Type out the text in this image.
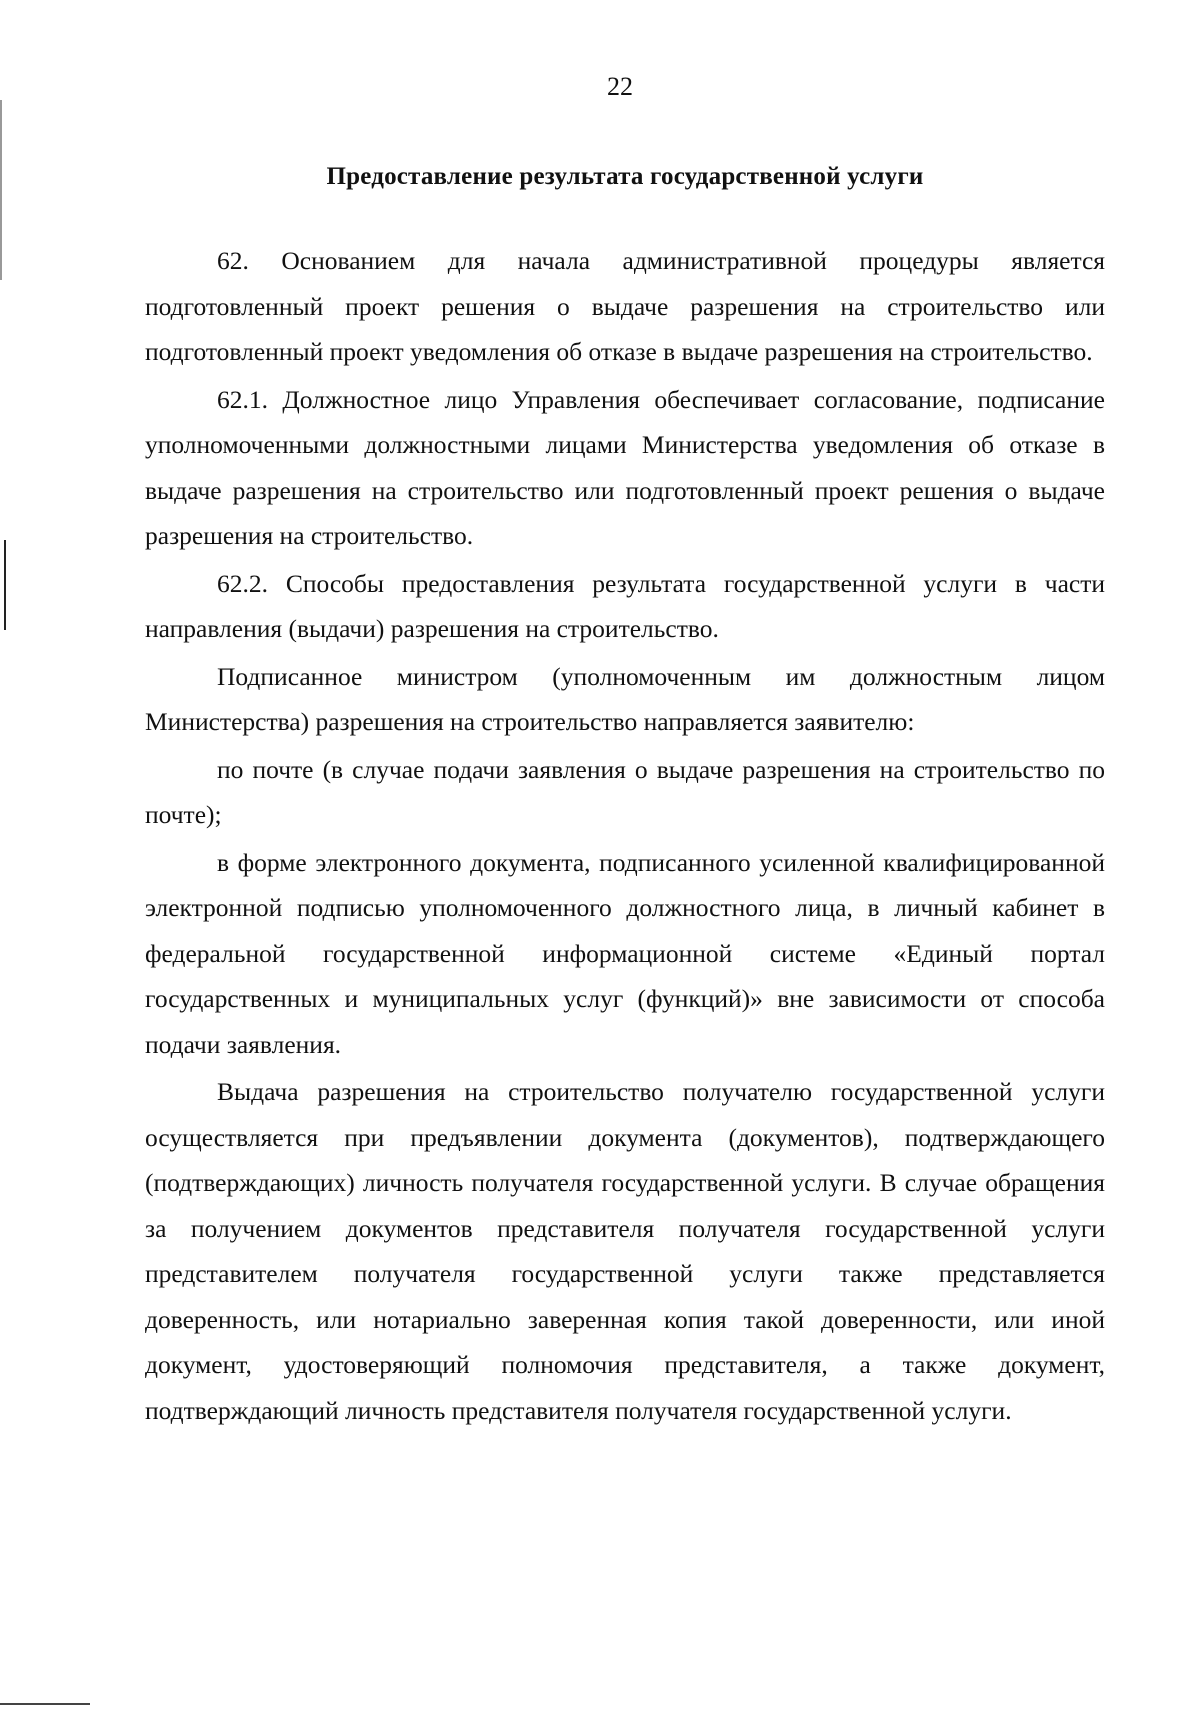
22
Предоставление результата государственной услуги

62. Основанием для начала административной процедуры является подготовленный проект решения о выдаче разрешения на строительство или подготовленный проект уведомления об отказе в выдаче разрешения на строительство.

62.1. Должностное лицо Управления обеспечивает согласование, подписание уполномоченными должностными лицами Министерства уведомления об отказе в выдаче разрешения на строительство или подготовленный проект решения о выдаче разрешения на строительство.

62.2. Способы предоставления результата государственной услуги в части направления (выдачи) разрешения на строительство.

Подписанное министром (уполномоченным им должностным лицом Министерства) разрешения на строительство направляется заявителю:

по почте (в случае подачи заявления о выдаче разрешения на строительство по почте);

в форме электронного документа, подписанного усиленной квалифицированной электронной подписью уполномоченного должностного лица, в личный кабинет в федеральной государственной информационной системе «Единый портал государственных и муниципальных услуг (функций)» вне зависимости от способа подачи заявления.

Выдача разрешения на строительство получателю государственной услуги осуществляется при предъявлении документа (документов), подтверждающего (подтверждающих) личность получателя государственной услуги. В случае обращения за получением документов представителя получателя государственной услуги представителем получателя государственной услуги также представляется доверенность, или нотариально заверенная копия такой доверенности, или иной документ, удостоверяющий полномочия представителя, а также документ, подтверждающий личность представителя получателя государственной услуги.
